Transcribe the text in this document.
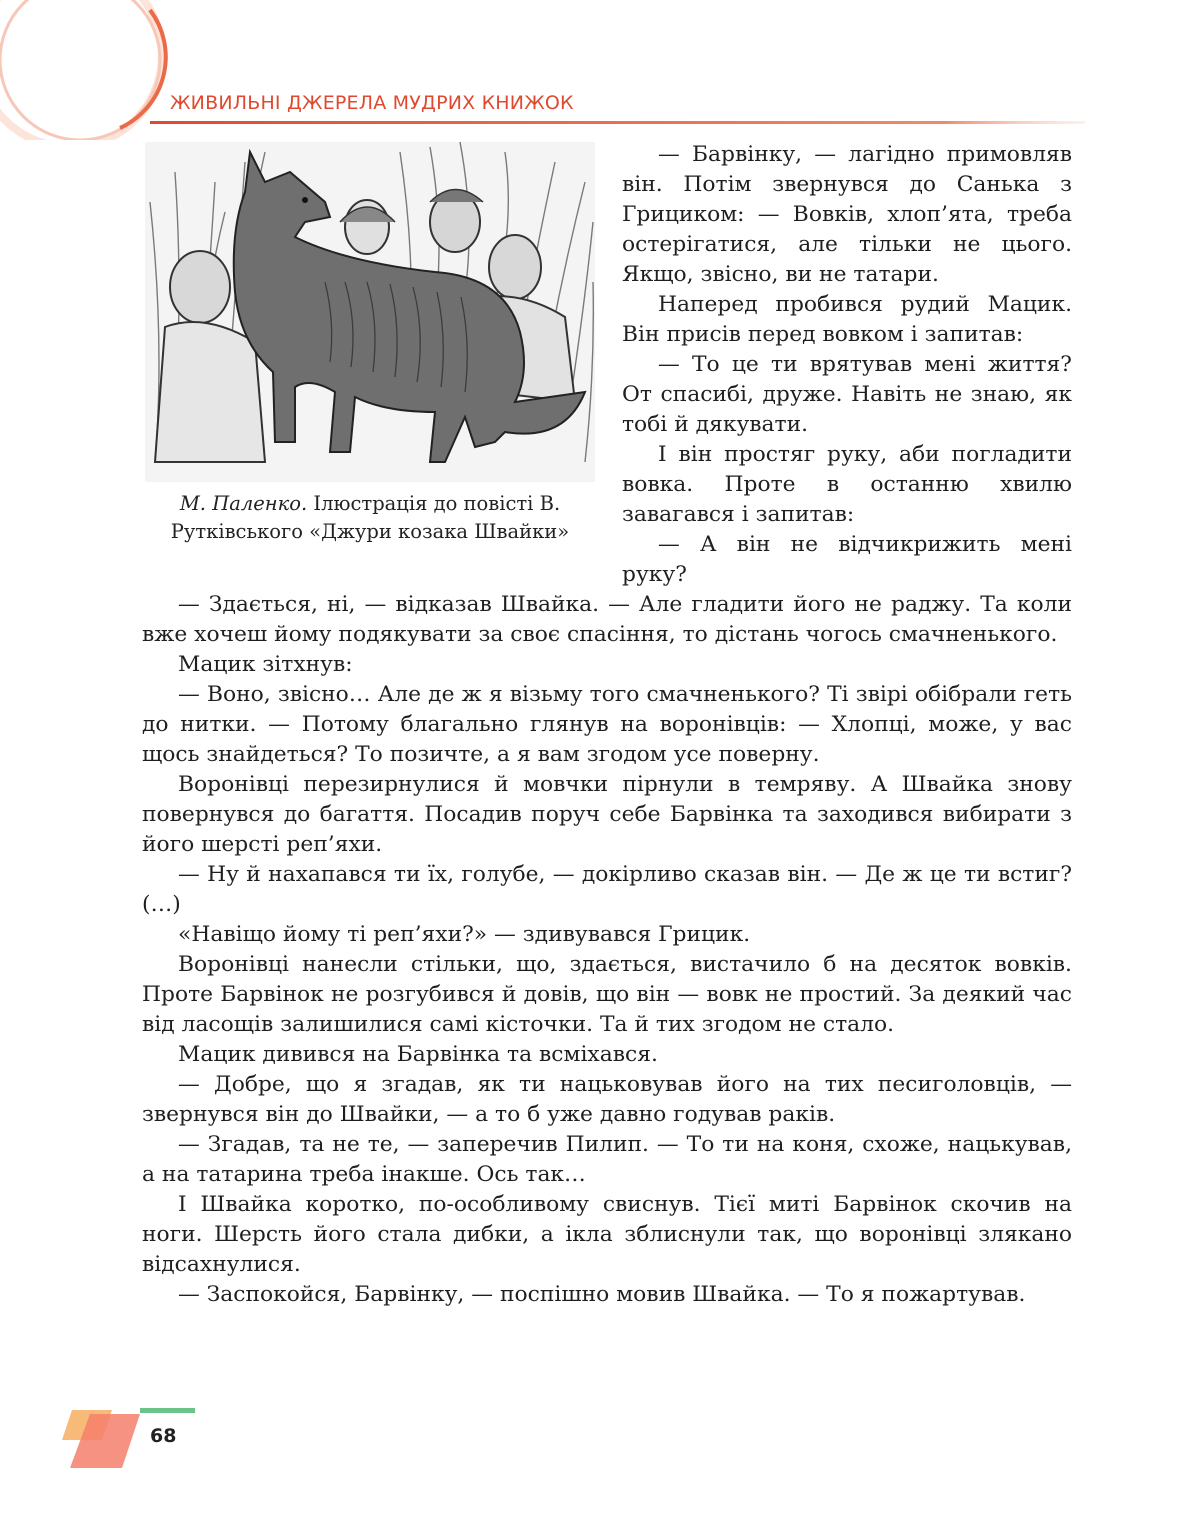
ЖИВИЛЬНІ ДЖЕРЕЛА МУДРИХ КНИЖОК
М. Паленко. Ілюстрація до повісті В. Рутківського «Джури козака Швайки»

— Барвінку, — лагідно примовляв він. Потім звернувся до Санька з Грициком: — Вовків, хлоп’ята, треба остерігатися, але тільки не цього. Якщо, звісно, ви не татари.

Наперед пробився рудий Мацик. Він присів перед вовком і запитав:

— То це ти врятував мені життя? От спасибі, друже. Навіть не знаю, як тобі й дякувати.

І він простяг руку, аби погладити вовка. Проте в останню хвилю завагався і запитав:

— А він не відчикрижить мені руку?

— Здається, ні, — відказав Швайка. — Але гладити його не раджу. Та коли вже хочеш йому подякувати за своє спасіння, то дістань чогось смачненького.

Мацик зітхнув:

— Воно, звісно… Але де ж я візьму того смачненького? Ті звірі обібрали геть до нитки. — Потому благально глянув на воронівців: — Хлопці, може, у вас щось знайдеться? То позичте, а я вам згодом усе поверну.

Воронівці перезирнулися й мовчки пірнули в темряву. А Швайка знову повернувся до багаття. Посадив поруч себе Барвінка та заходився вибирати з його шерсті реп’яхи.

— Ну й нахапався ти їх, голубе, — докірливо сказав він. — Де ж це ти встиг? (…)

«Навіщо йому ті реп’яхи?» — здивувався Грицик.

Воронівці нанесли стільки, що, здається, вистачило б на десяток вовків. Проте Барвінок не розгубився й довів, що він — вовк не простий. За деякий час від ласощів залишилися самі кісточки. Та й тих згодом не стало.

Мацик дивився на Барвінка та всміхався.

— Добре, що я згадав, як ти нацьковував його на тих песиголовців, — звернувся він до Швайки, — а то б уже давно годував раків.

— Згадав, та не те, — заперечив Пилип. — То ти на коня, схоже, нацькував, а на татарина треба інакше. Ось так…

І Швайка коротко, по-особливому свиснув. Тієї миті Барвінок скочив на ноги. Шерсть його стала дибки, а ікла зблиснули так, що воронівці злякано відсахнулися.

— Заспокойся, Барвінку, — поспішно мовив Швайка. — То я пожартував.

68
